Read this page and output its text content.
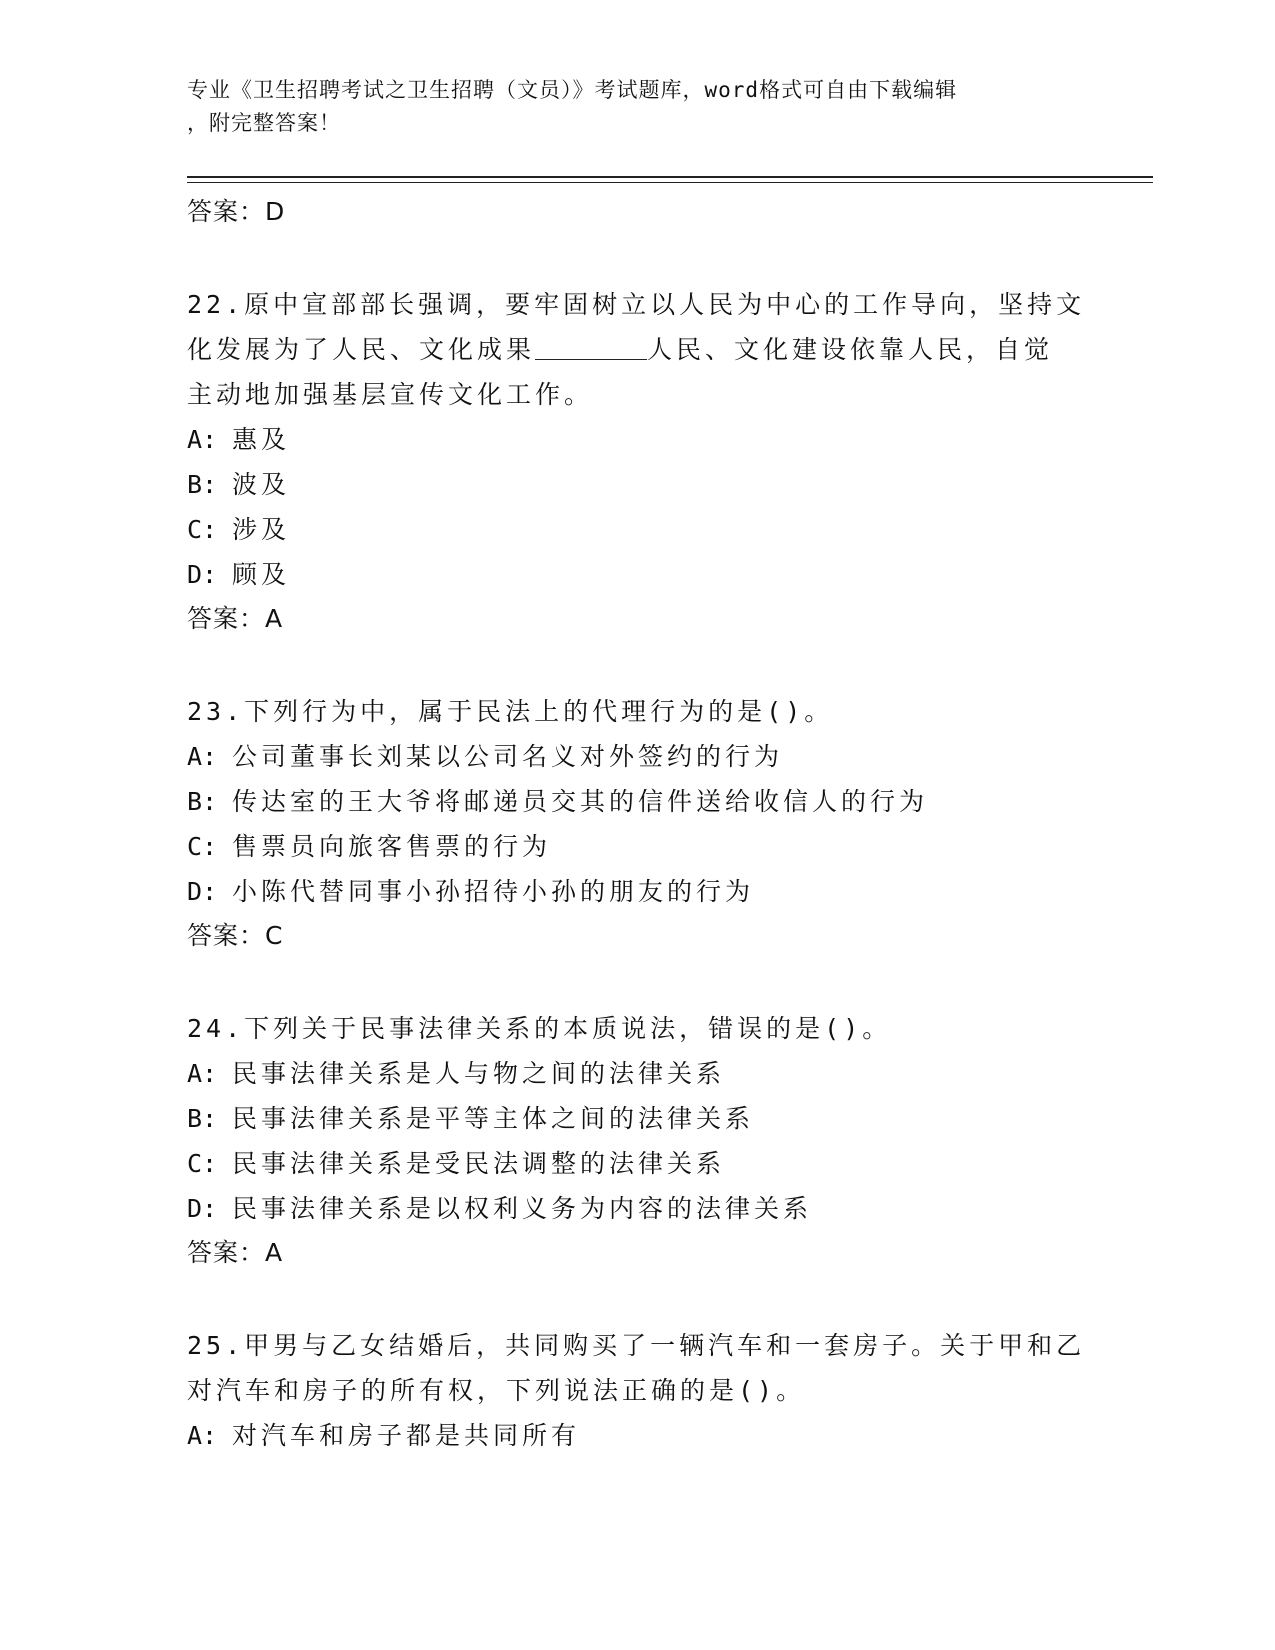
专业《卫生招聘考试之卫生招聘（文员）》考试题库，word格式可自由下载编辑
，附完整答案！
答案：D
22.原中宣部部长强调，要牢固树立以人民为中心的工作导向，坚持文
化发展为了人民、文化成果	人民、文化建设依靠人民，自觉
主动地加强基层宣传文化工作。
A: 惠及
B: 波及
C: 涉及
D: 顾及
答案：A
23.下列行为中，属于民法上的代理行为的是()。
A: 公司董事长刘某以公司名义对外签约的行为
B: 传达室的王大爷将邮递员交其的信件送给收信人的行为
C: 售票员向旅客售票的行为
D: 小陈代替同事小孙招待小孙的朋友的行为
答案：C
24.下列关于民事法律关系的本质说法，错误的是()。
A: 民事法律关系是人与物之间的法律关系
B: 民事法律关系是平等主体之间的法律关系
C: 民事法律关系是受民法调整的法律关系
D: 民事法律关系是以权利义务为内容的法律关系
答案：A
25.甲男与乙女结婚后，共同购买了一辆汽车和一套房子。关于甲和乙
对汽车和房子的所有权，下列说法正确的是()。
A: 对汽车和房子都是共同所有
